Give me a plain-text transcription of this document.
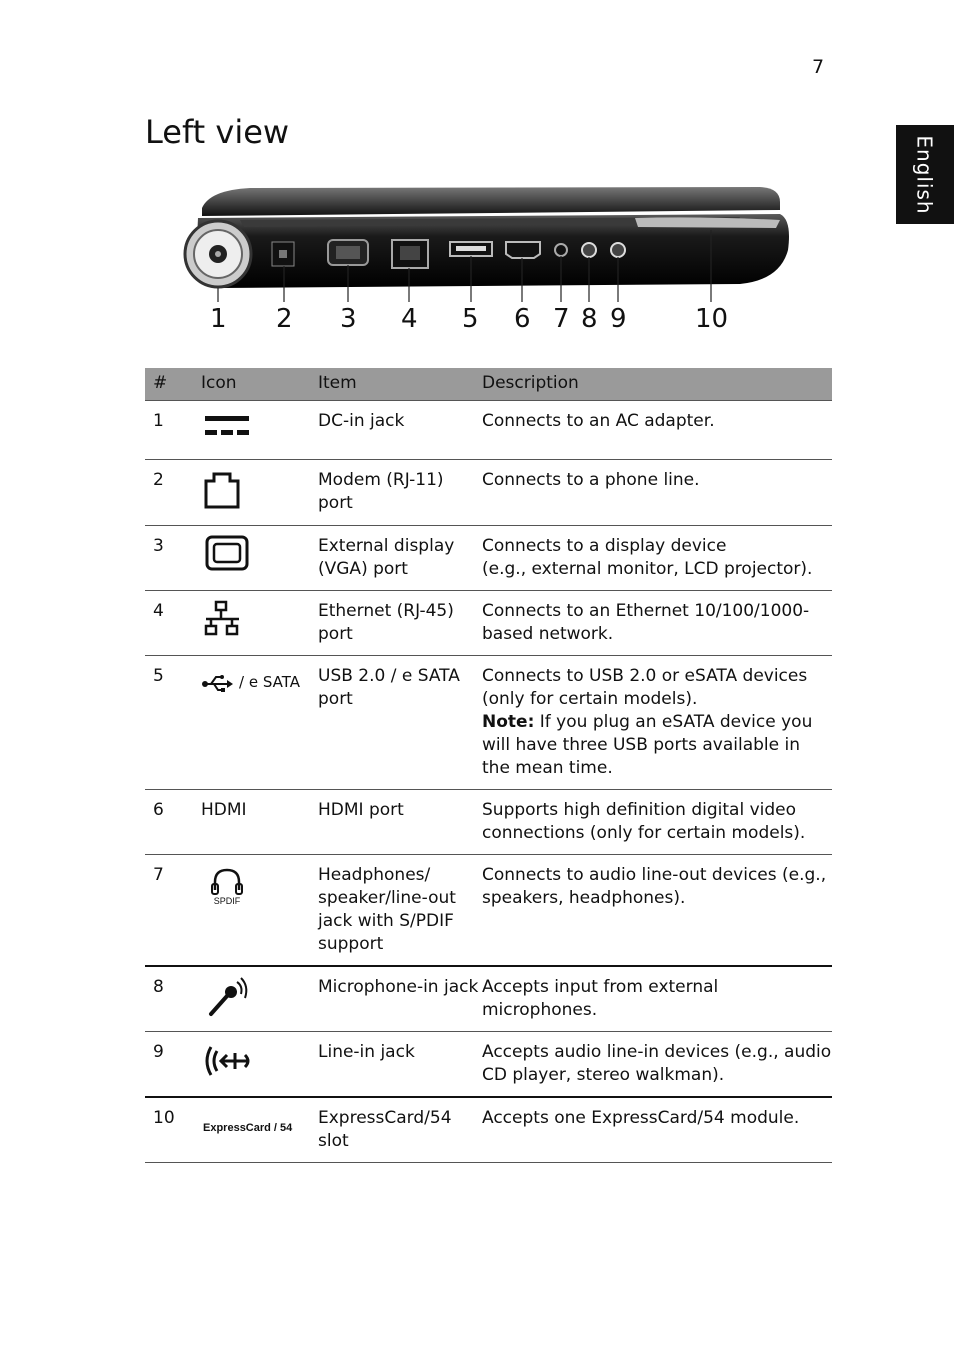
7
English
Left view
1 2 3 4 5 6 7 8 9	10
#	Icon	Item	Description
1		DC-in jack	Connects to an AC adapter.
2		Modem (RJ-11) port	Connects to a phone line.
3		External display (VGA) port	Connects to a display device
(e.g., external monitor, LCD projector).
4		Ethernet (RJ-45) port	Connects to an Ethernet 10/100/1000-based network.
5	/ e SATA	USB 2.0 / e SATA port	Connects to USB 2.0 or eSATA devices (only for certain models).
Note: If you plug an eSATA device you will have three USB ports available in the mean time.
6	HDMI	HDMI port	Supports high definition digital video connections (only for certain models).
7	SPDIF	Headphones/ speaker/line-out jack with S/PDIF support	Connects to audio line-out devices (e.g., speakers, headphones).
8		Microphone-in jack	Accepts input from external microphones.
9		Line-in jack	Accepts audio line-in devices (e.g., audio CD player, stereo walkman).
10	ExpressCard / 54	ExpressCard/54 slot	Accepts one ExpressCard/54 module.
